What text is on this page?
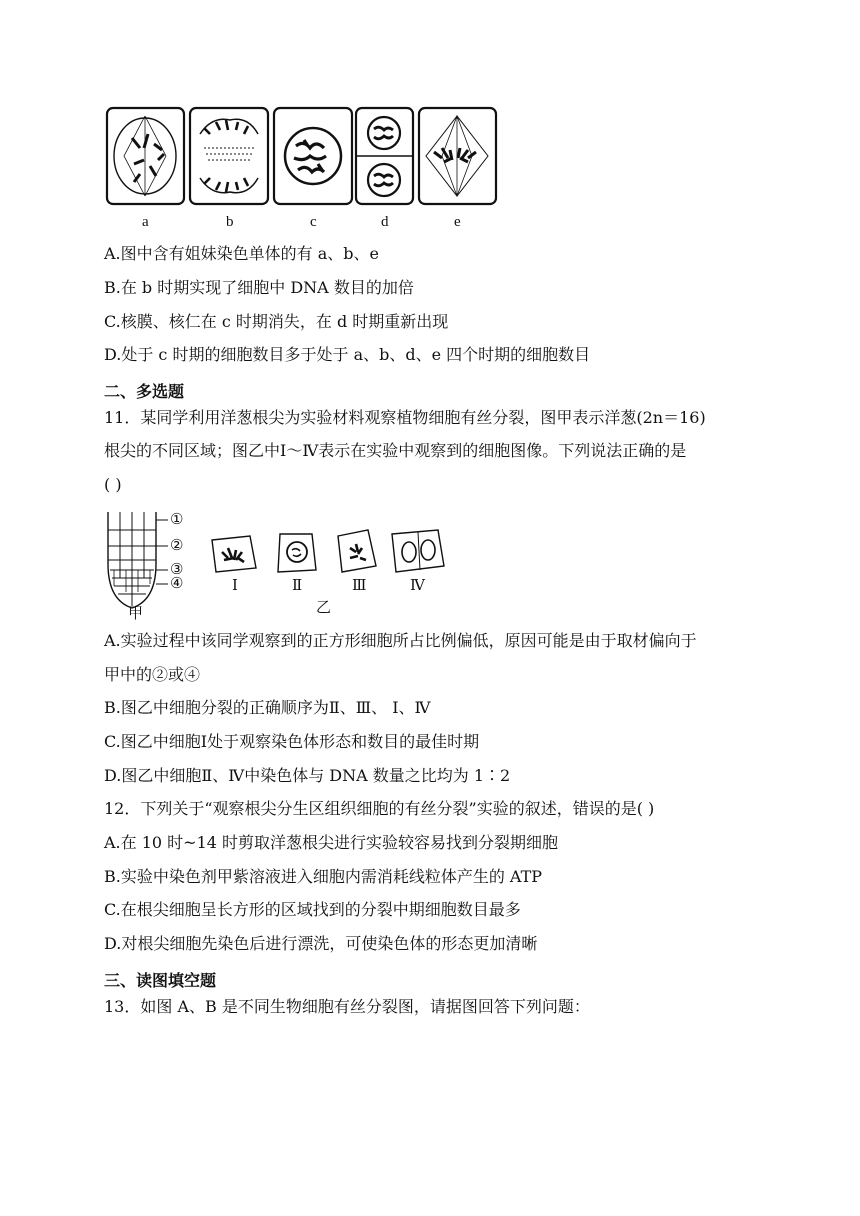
a	b	c	d	e
A.图中含有姐妹染色单体的有 a、b、e
B.在 b 时期实现了细胞中 DNA 数目的加倍
C.核膜、核仁在 c 时期消失，在 d 时期重新出现
D.处于 c 时期的细胞数目多于处于 a、b、d、e 四个时期的细胞数目
二、多选题
11．某同学利用洋葱根尖为实验材料观察植物细胞有丝分裂，图甲表示洋葱(2n＝16)
根尖的不同区域；图乙中Ⅰ～Ⅳ表示在实验中观察到的细胞图像。下列说法正确的是
( )
①
②
③
④
甲
Ⅰ	Ⅱ	Ⅲ	Ⅳ
乙
A.实验过程中该同学观察到的正方形细胞所占比例偏低，原因可能是由于取材偏向于
甲中的②或④
B.图乙中细胞分裂的正确顺序为Ⅱ、Ⅲ、 Ⅰ、Ⅳ
C.图乙中细胞Ⅰ处于观察染色体形态和数目的最佳时期
D.图乙中细胞Ⅱ、Ⅳ中染色体与 DNA 数量之比均为 1∶2
12．下列关于“观察根尖分生区组织细胞的有丝分裂”实验的叙述，错误的是( )
A.在 10 时~14 时剪取洋葱根尖进行实验较容易找到分裂期细胞
B.实验中染色剂甲紫溶液进入细胞内需消耗线粒体产生的 ATP
C.在根尖细胞呈长方形的区域找到的分裂中期细胞数目最多
D.对根尖细胞先染色后进行漂洗，可使染色体的形态更加清晰
三、读图填空题
13．如图 A、B 是不同生物细胞有丝分裂图，请据图回答下列问题：
